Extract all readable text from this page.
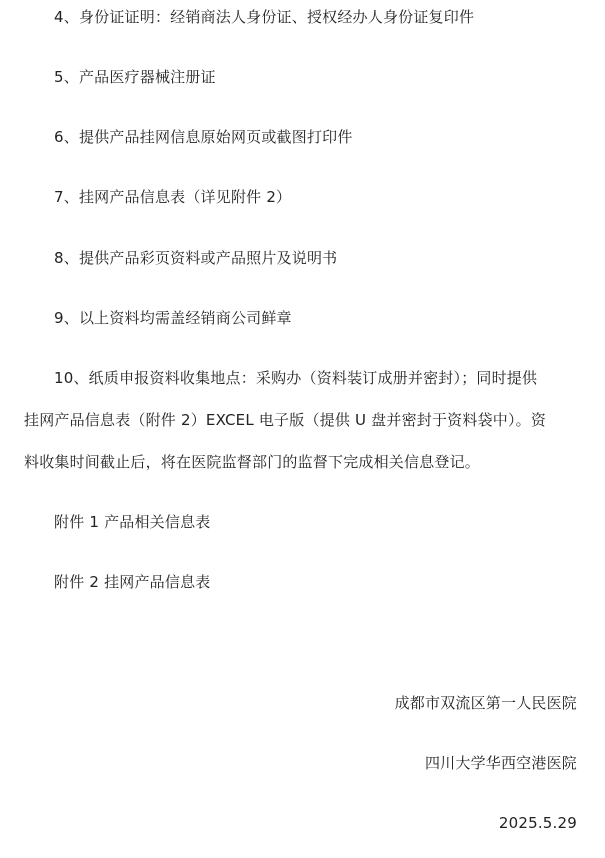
4、身份证证明：经销商法人身份证、授权经办人身份证复印件
5、产品医疗器械注册证
6、提供产品挂网信息原始网页或截图打印件
7、挂网产品信息表（详见附件 2）
8、提供产品彩页资料或产品照片及说明书
9、以上资料均需盖经销商公司鲜章
10、纸质申报资料收集地点：采购办（资料装订成册并密封）；同时提供
挂网产品信息表（附件 2）EXCEL 电子版（提供 U 盘并密封于资料袋中）。资
料收集时间截止后，将在医院监督部门的监督下完成相关信息登记。
附件 1 产品相关信息表
附件 2 挂网产品信息表
成都市双流区第一人民医院
四川大学华西空港医院
2025.5.29
